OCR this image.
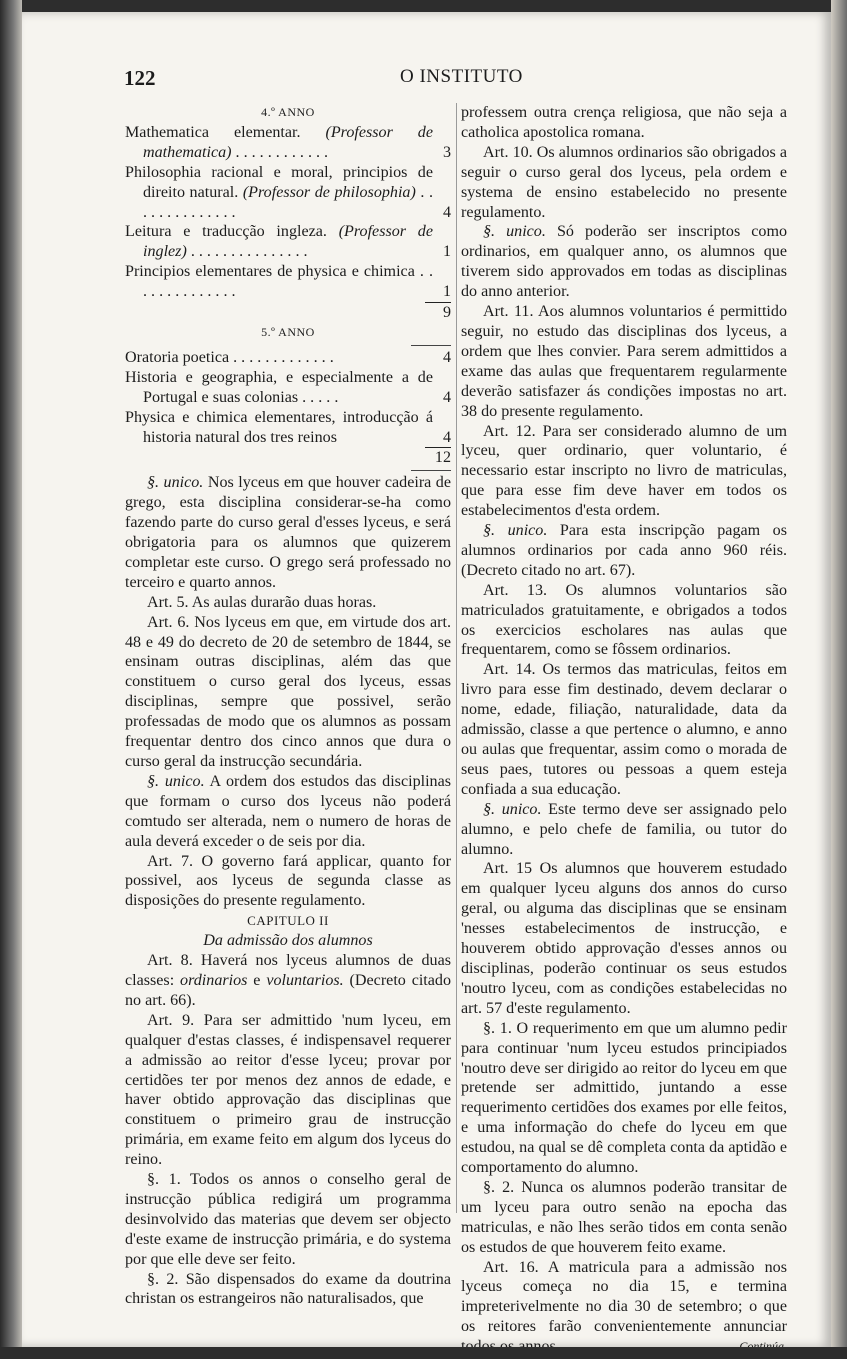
122	O INSTITUTO

4.º ANNO

Mathematica elementar. (Professor de mathematica) . . . . . . . . . . . .	3
Philosophia racional e moral, principios de direito natural. (Professor de philosophia) . . . . . . . . . . . . . .	4
Leitura e traducção ingleza. (Professor de inglez) . . . . . . . . . . . . . . .	1
Principios elementares de physica e chimica . . . . . . . . . . . . . .	1
9

5.º ANNO

Oratoria poetica . . . . . . . . . . . . .	4
Historia e geographia, e especialmente a de Portugal e suas colonias . . . . .	4
Physica e chimica elementares, introducção á historia natural dos tres reinos	4
12

§. unico. Nos lyceus em que houver cadeira de grego, esta disciplina considerar-se-ha como fazendo parte do curso geral d'esses lyceus, e será obrigatoria para os alumnos que quizerem completar este curso. O grego será professado no terceiro e quarto annos.

Art. 5. As aulas durarão duas horas.

Art. 6. Nos lyceus em que, em virtude dos art. 48 e 49 do decreto de 20 de setembro de 1844, se ensinam outras disciplinas, além das que constituem o curso geral dos lyceus, essas disciplinas, sempre que possivel, serão professadas de modo que os alumnos as possam frequentar dentro dos cinco annos que dura o curso geral da instrucção secundária.

§. unico. A ordem dos estudos das disciplinas que formam o curso dos lyceus não poderá comtudo ser alterada, nem o numero de horas de aula deverá exceder o de seis por dia.

Art. 7. O governo fará applicar, quanto for possivel, aos lyceus de segunda classe as disposições do presente regulamento.

CAPITULO II

Da admissão dos alumnos

Art. 8. Haverá nos lyceus alumnos de duas classes: ordinarios e voluntarios. (Decreto citado no art. 66).

Art. 9. Para ser admittido 'num lyceu, em qualquer d'estas classes, é indispensavel requerer a admissão ao reitor d'esse lyceu; provar por certidões ter por menos dez annos de edade, e haver obtido approvação das disciplinas que constituem o primeiro grau de instrucção primária, em exame feito em algum dos lyceus do reino.

§. 1. Todos os annos o conselho geral de instrucção pública redigirá um programma desinvolvido das materias que devem ser objecto d'este exame de instrucção primária, e do systema por que elle deve ser feito.

§. 2. São dispensados do exame da doutrina christan os estrangeiros não naturalisados, que

professem outra crença religiosa, que não seja a catholica apostolica romana.

Art. 10. Os alumnos ordinarios são obrigados a seguir o curso geral dos lyceus, pela ordem e systema de ensino estabelecido no presente regulamento.

§. unico. Só poderão ser inscriptos como ordinarios, em qualquer anno, os alumnos que tiverem sido approvados em todas as disciplinas do anno anterior.

Art. 11. Aos alumnos voluntarios é permittido seguir, no estudo das disciplinas dos lyceus, a ordem que lhes convier. Para serem admittidos a exame das aulas que frequentarem regularmente deverão satisfazer ás condições impostas no art. 38 do presente regulamento.

Art. 12. Para ser considerado alumno de um lyceu, quer ordinario, quer voluntario, é necessario estar inscripto no livro de matriculas, que para esse fim deve haver em todos os estabelecimentos d'esta ordem.

§. unico. Para esta inscripção pagam os alumnos ordinarios por cada anno 960 réis. (Decreto citado no art. 67).

Art. 13. Os alumnos voluntarios são matriculados gratuitamente, e obrigados a todos os exercicios escholares nas aulas que frequentarem, como se fôssem ordinarios.

Art. 14. Os termos das matriculas, feitos em livro para esse fim destinado, devem declarar o nome, edade, filiação, naturalidade, data da admissão, classe a que pertence o alumno, e anno ou aulas que frequentar, assim como o morada de seus paes, tutores ou pessoas a quem esteja confiada a sua educação.

§. unico. Este termo deve ser assignado pelo alumno, e pelo chefe de familia, ou tutor do alumno.

Art. 15 Os alumnos que houverem estudado em qualquer lyceu alguns dos annos do curso geral, ou alguma das disciplinas que se ensinam 'nesses estabelecimentos de instrucção, e houverem obtido approvação d'esses annos ou disciplinas, poderão continuar os seus estudos 'noutro lyceu, com as condições estabelecidas no art. 57 d'este regulamento.

§. 1. O requerimento em que um alumno pedir para continuar 'num lyceu estudos principiados 'noutro deve ser dirigido ao reitor do lyceu em que pretende ser admittido, juntando a esse requerimento certidões dos exames por elle feitos, e uma informação do chefe do lyceu em que estudou, na qual se dê completa conta da aptidão e comportamento do alumno.

§. 2. Nunca os alumnos poderão transitar de um lyceu para outro senão na epocha das matriculas, e não lhes serão tidos em conta senão os estudos de que houverem feito exame.

Art. 16. A matricula para a admissão nos lyceus começa no dia 15, e termina impreterivelmente no dia 30 de setembro; o que os reitores farão convenientemente annunciar
